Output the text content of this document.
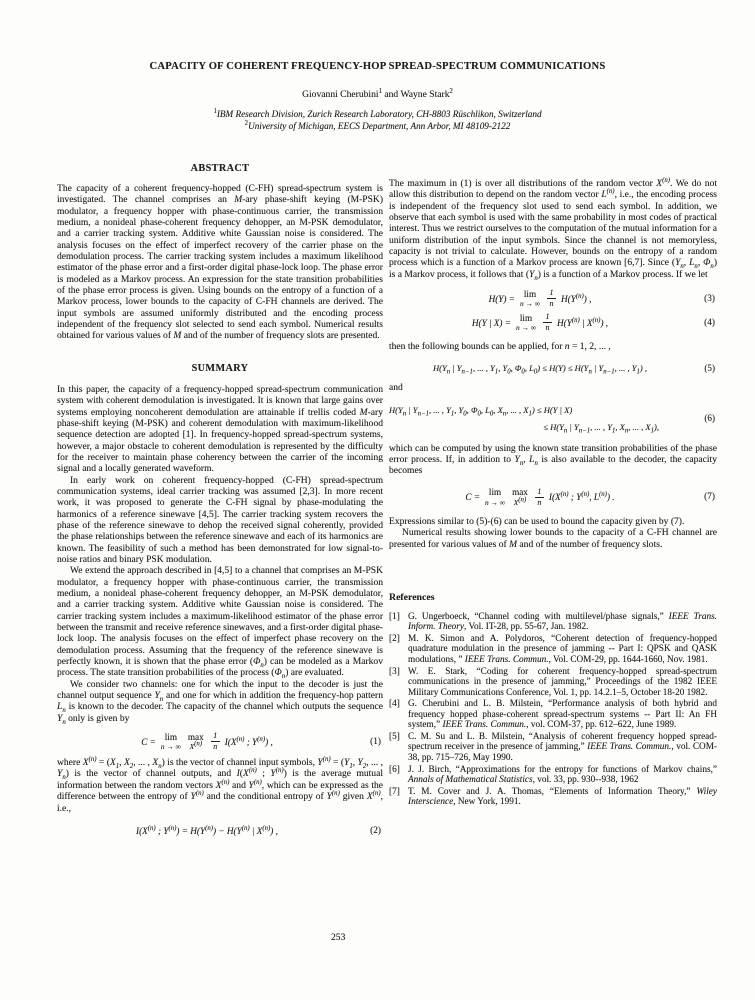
CAPACITY OF COHERENT FREQUENCY-HOP SPREAD-SPECTRUM COMMUNICATIONS
Giovanni Cherubini$^1$ and Wayne Stark$^2$
$^1$IBM Research Division, Zurich Research Laboratory, CH-8803 Rüschlikon, Switzerland
$^2$University of Michigan, EECS Department, Ann Arbor, MI 48109-2122
ABSTRACT

The capacity of a coherent frequency-hopped (C-FH) spread-spectrum system is investigated. The channel comprises an M-ary phase-shift keying (M-PSK) modulator, a frequency hopper with phase-continuous carrier, the transmission medium, a nonideal phase-coherent frequency dehopper, an M-PSK demodulator, and a carrier tracking system. Additive white Gaussian noise is considered. The analysis focuses on the effect of imperfect recovery of the carrier phase on the demodulation process. The carrier tracking system includes a maximum likelihood estimator of the phase error and a first-order digital phase-lock loop. The phase error is modeled as a Markov process. An expression for the state transition probabilities of the phase error process is given. Using bounds on the entropy of a function of a Markov process, lower bounds to the capacity of C-FH channels are derived. The input symbols are assumed uniformly distributed and the encoding process independent of the frequency slot selected to send each symbol. Numerical results obtained for various values of M and of the number of frequency slots are presented.

SUMMARY

In this paper, the capacity of a frequency-hopped spread-spectrum communication system with coherent demodulation is investigated. It is known that large gains over systems employing noncoherent demodulation are attainable if trellis coded M-ary phase-shift keying (M-PSK) and coherent demodulation with maximum-likelihood sequence detection are adopted [1]. In frequency-hopped spread-spectrum systems, however, a major obstacle to coherent demodulation is represented by the difficulty for the receiver to maintain phase coherency between the carrier of the incoming signal and a locally generated waveform.

In early work on coherent frequency-hopped (C-FH) spread-spectrum communication systems, ideal carrier tracking was assumed [2,3]. In more recent work, it was proposed to generate the C-FH signal by phase-modulating the harmonics of a reference sinewave [4,5]. The carrier tracking system recovers the phase of the reference sinewave to dehop the received signal coherently, provided the phase relationships between the reference sinewave and each of its harmonics are known. The feasibility of such a method has been demonstrated for low signal-to-noise ratios and binary PSK modulation.

We extend the approach described in [4,5] to a channel that comprises an M-PSK modulator, a frequency hopper with phase-continuous carrier, the transmission medium, a nonideal phase-coherent frequency dehopper, an M-PSK demodulator, and a carrier tracking system. Additive white Gaussian noise is considered. The carrier tracking system includes a maximum-likelihood estimator of the phase error between the transmit and receive reference sinewaves, and a first-order digital phase-lock loop. The analysis focuses on the effect of imperfect phase recovery on the demodulation process. Assuming that the frequency of the reference sinewave is perfectly known, it is shown that the phase error $(\Phi_n)$ can be modeled as a Markov process. The state transition probabilities of the process $(\Phi_n)$ are evaluated.

We consider two channels: one for which the input to the decoder is just the channel output sequence $Y_n$ and one for which in addition the frequency-hop pattern $L_n$ is known to the decoder. The capacity of the channel which outputs the sequence $Y_n$ only is given by

C =
lim
n → ∞
max
$X^{(n)} \frac{1}{n} I(X^{(n)}$ ; $Y^{(n)}$) ,	(1)

where $X^{(n)} = (X_1$, $X_2$, ... , $X_n$) is the vector of channel input symbols, $Y^{(n)} = (Y_1$, $Y_2$, ... , $Y_n$) is the vector of channel outputs, and $I(X^{(n)}$ ; $Y^{(n)}$) is the average mutual information between the random vectors $X^{(n)}$ and $Y^{(n)}$, which can be expressed as the difference between the entropy of $Y^{(n)}$ and the conditional entropy of $Y^{(n)}$ given $X^{(n)}$, i.e.,

$I(X^{(n)}$ ; $Y^{(n)}) = H(Y^{(n)}) - H(Y^{(n)}$ | $X^{(n)}$) ,	(2)

The maximum in (1) is over all distributions of the random vector $X^{(n)}$. We do not allow this distribution to depend on the random vector $L^{(n)}$, i.e., the encoding process is independent of the frequency slot used to send each symbol. In addition, we observe that each symbol is used with the same probability in most codes of practical interest. Thus we restrict ourselves to the computation of the mutual information for a uniform distribution of the input symbols. Since the channel is not memoryless, capacity is not trivial to calculate. However, bounds on the entropy of a random process which is a function of a Markov process are known [6,7]. Since ($Y_n$, $L_n$, $\Phi_n$) is a Markov process, it follows that $(Y_n)$ is a function of a Markov process. If we let

H(Y) =
lim
n → ∞ $\frac{1}{n} H(Y^{(n)})$ ,	(3)
H(Y | X) =
lim
n → ∞ $\frac{1}{n} H(Y^{(n)}$ | $X^{(n)}$) ,	(4)

then the following bounds can be applied, for n = 1, 2, ... ,

$H(Y_n$ | $Y_{n-1}$, ... , $Y_1$, $Y_0$, $\Phi_0$, $L_0) \le H(Y) \le H(Y_n$ | $Y_{n-1}$, ... , $Y_1$) ,	(5)

and

$H(Y_n$ | $Y_{n-1}$, ... , $Y_1$, $Y_0$, $\Phi_0$, $L_0$, $X_n$, ... , $X_1) \le H(Y$ | X)
≤ $H(Y_n$ | $Y_{n-1}$, ... , $Y_1$, $X_n$, ... , $X_1$),
(6)

which can be computed by using the known state transition probabilities of the phase error process. If, in addition to $Y_n$, $L_n$ is also available to the decoder, the capacity becomes

C =
lim
n → ∞
max
$X^{(n)} \frac{1}{n} I(X^{(n)}$ ; $Y^{(n)}$, $L^{(n)}$) .	(7)

Expressions similar to (5)-(6) can be used to bound the capacity given by (7).

Numerical results showing lower bounds to the capacity of a C-FH channel are presented for various values of M and of the number of frequency slots.

References
[1] G. Ungerboeck, “Channel coding with multilevel/phase signals,” IEEE Trans. Inform. Theory, Vol. IT-28, pp. 55-67, Jan. 1982.
[2] M. K. Simon and A. Polydoros, “Coherent detection of frequency-hopped quadrature modulation in the presence of jamming -- Part I: QPSK and QASK modulations, ” IEEE Trans. Commun., Vol. COM-29, pp. 1644-1660, Nov. 1981.
[3] W. E. Stark, “Coding for coherent frequency-hopped spread-spectrum communications in the presence of jamming,” Proceedings of the 1982 IEEE Military Communications Conference, Vol. 1, pp. 14.2.1–5, October 18-20 1982.
[4] G. Cherubini and L. B. Milstein, “Performance analysis of both hybrid and frequency hopped phase-coherent spread-spectrum systems -- Part II: An FH system,” IEEE Trans. Commun., vol. COM-37, pp. 612–622, June 1989.
[5] C. M. Su and L. B. Milstein, “Analysis of coherent frequency hopped spread-spectrum receiver in the presence of jamming,” IEEE Trans. Commun., vol. COM-38, pp. 715–726, May 1990.
[6] J. J. Birch, “Approximations for the entropy for functions of Markov chains,” Annals of Mathematical Statistics, vol. 33, pp. 930--938, 1962
[7] T. M. Cover and J. A. Thomas, “Elements of Information Theory,” Wiley Interscience, New York, 1991.
253
